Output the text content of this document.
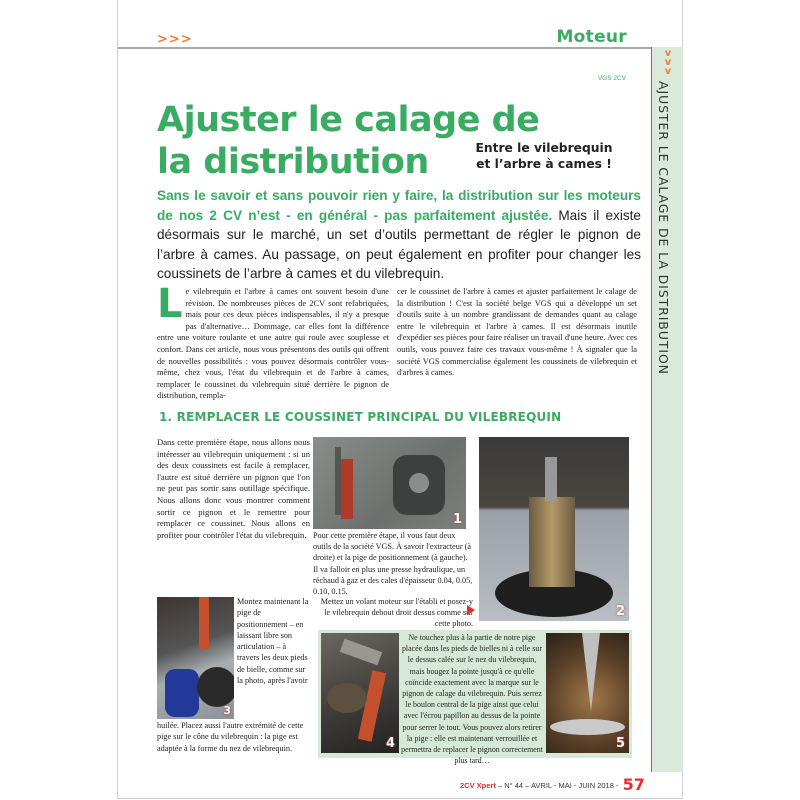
>>>	Moteur
v
v
v
AJUSTER LE CALAGE DE LA DISTRIBUTION
VGS 2CV
Ajuster le calage de la distribution	Entre le vilebrequin
et l’arbre à cames !
Sans le savoir et sans pouvoir rien y faire, la distribution sur les moteurs de nos 2 CV n’est - en général - pas parfaitement ajustée. Mais il existe désormais sur le marché, un set d’outils permettant de régler le pignon de l’arbre à cames. Au passage, on peut également en profiter pour changer les coussinets de l’arbre à cames et du vilebrequin.
Le vilebrequin et l'arbre à cames ont souvent besoin d'une révision. De nombreuses pièces de 2CV sont refabriquées, mais pour ces deux pièces indispensables, il n'y a presque pas d'alternative… Dommage, car elles font la différence entre une voiture roulante et une autre qui roule avec souplesse et confort. Dans cet article, nous vous présentons des outils qui offrent de nouvelles possibilités : vous pouvez désormais contrôler vous-même, chez vous, l'état du vilebrequin et de l'arbre à cames, remplacer le coussinet du vilebrequin situé derrière le pignon de distribution, rempla-
cer le coussinet de l'arbre à cames et ajuster parfaitement le calage de la distribution ! C'est la société belge VGS qui a développé un set d'outils suite à un nombre grandissant de demandes quant au calage entre le vilebrequin et l'arbre à cames. Il est désormais inutile d'expédier ses pièces pour faire réaliser un travail d'une heure. Avec ces outils, vous pouvez faire ces travaux vous-même ! À signaler que la société VGS commercialise également les coussinets de vilebrequin et d'arbres à cames.
1. REMPLACER LE COUSSINET PRINCIPAL DU VILEBREQUIN
Dans cette première étape, nous allons nous intéresser au vilebrequin uniquement : si un des deux coussinets est facile à remplacer, l'autre est situé derrière un pignon que l'on ne peut pas sortir sans outillage spécifique. Nous allons donc vous montrer comment sortir ce pignon et le remettre pour remplacer ce coussinet. Nous allons en profiter pour contrôler l'état du vilebrequin.
1
Pour cette première étape, il vous faut deux outils de la société VGS. À savoir l'extracteur (à droite) et la pige de positionnement (à gauche). Il va falloir en plus une presse hydraulique, un réchaud à gaz et des cales d'épaisseur 0.04, 0.05, 0.10, 0.15.
Mettez un volant moteur sur l'établi et posez-y le vilebrequin debout droit dessus comme sur cette photo.
2
3
Montez maintenant la pige de positionnement – en laissant libre son articulation – à travers les deux pieds de bielle, comme sur la photo, après l'avoir
huilée. Placez aussi l'autre extrémité de cette pige sur le cône du vilebrequin : la pige est adaptée à la forme du nez de vilebrequin.	4
Ne touchez plus à la partie de notre pige placée dans les pieds de bielles ni à celle sur le dessus calée sur le nez du vilebrequin, mais bougez la pointe jusqu'à ce qu'elle coïncide exactement avec la marque sur le pignon de calage du vilebrequin. Puis serrez le boulon central de la pige ainsi que celui avec l'écrou papillon au dessus de la pointe pour serrer le tout. Vous pouvez alors retirer la pige : elle est maintenant verrouillée et permettra de replacer le pignon correctement plus tard…
5
2CV Xpert – N° 44 – AVRIL - MAI - JUIN 2018 - 57
